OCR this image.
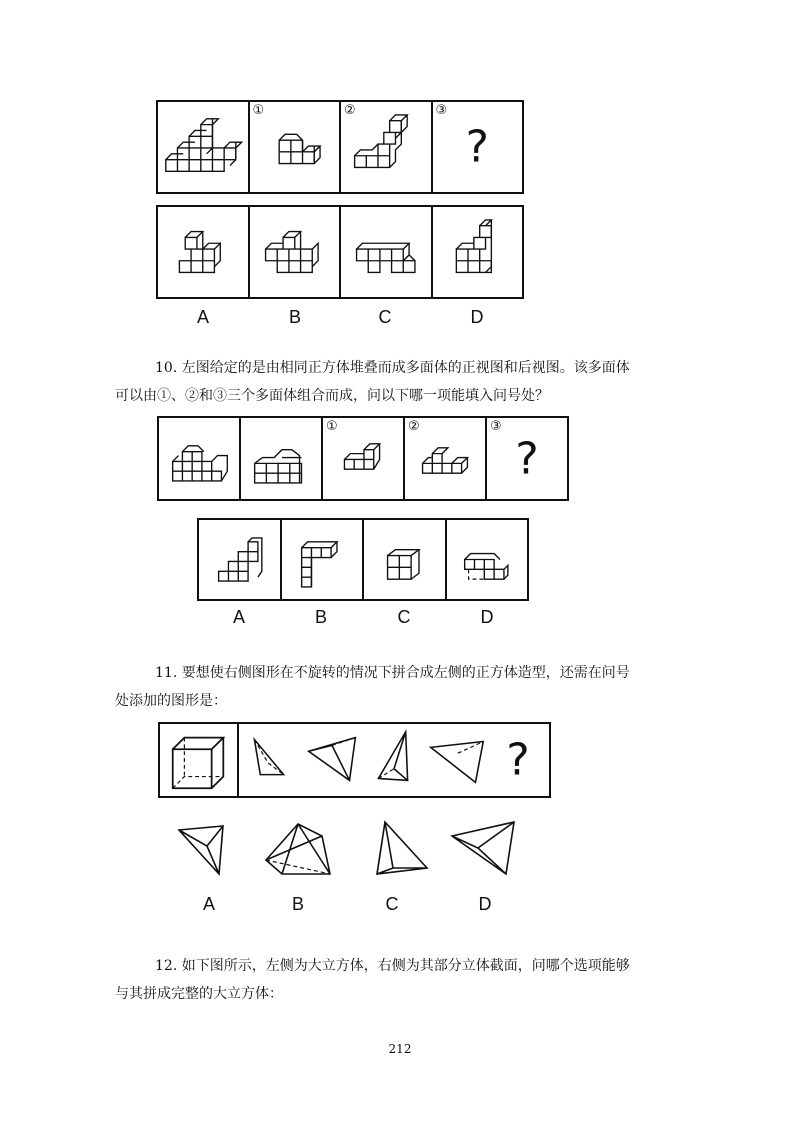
①	②	③
?
A	B	C	D
10. 左图给定的是由相同正方体堆叠而成多面体的正视图和后视图。该多面体
可以由①、②和③三个多面体组合而成，问以下哪一项能填入问号处？
①	②	③
?
A	B	C	D
11. 要想使右侧图形在不旋转的情况下拼合成左侧的正方体造型，还需在问号
处添加的图形是：
?
A	B	C	D
12. 如下图所示，左侧为大立方体，右侧为其部分立体截面，问哪个选项能够
与其拼成完整的大立方体：
212
